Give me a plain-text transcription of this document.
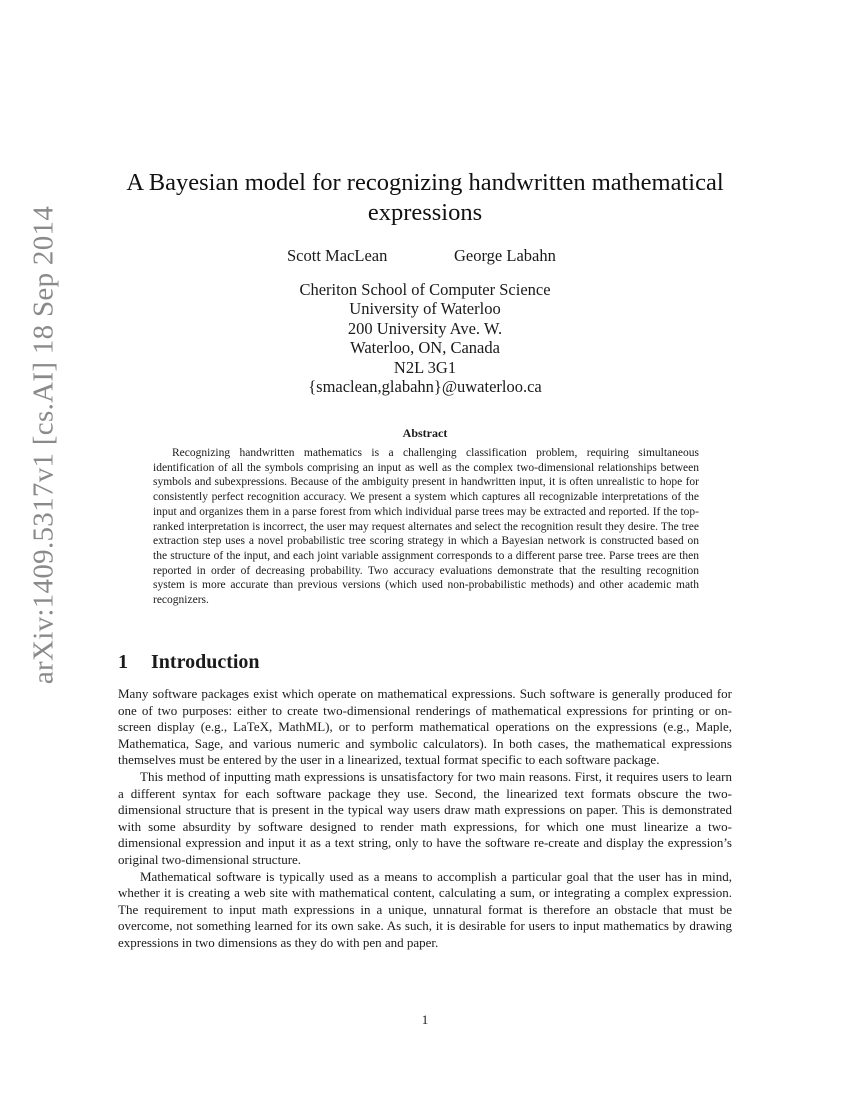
arXiv:1409.5317v1 [cs.AI] 18 Sep 2014
A Bayesian model for recognizing handwritten mathematical expressions
Scott MacLean	George Labahn
Cheriton School of Computer Science
University of Waterloo
200 University Ave. W.
Waterloo, ON, Canada
N2L 3G1
{smaclean,glabahn}@uwaterloo.ca
Abstract

Recognizing handwritten mathematics is a challenging classification problem, requiring simultaneous identification of all the symbols comprising an input as well as the complex two-dimensional relationships between symbols and subexpressions. Because of the ambiguity present in handwritten input, it is often unrealistic to hope for consistently perfect recognition accuracy. We present a system which captures all recognizable interpretations of the input and organizes them in a parse forest from which individual parse trees may be extracted and reported. If the top-ranked interpretation is incorrect, the user may request alternates and select the recognition result they desire. The tree extraction step uses a novel probabilistic tree scoring strategy in which a Bayesian network is constructed based on the structure of the input, and each joint variable assignment corresponds to a different parse tree. Parse trees are then reported in order of decreasing probability. Two accuracy evaluations demonstrate that the resulting recognition system is more accurate than previous versions (which used non-probabilistic methods) and other academic math recognizers.

1 Introduction

Many software packages exist which operate on mathematical expressions. Such software is generally produced for one of two purposes: either to create two-dimensional renderings of mathematical expressions for printing or on-screen display (e.g., LaTeX, MathML), or to perform mathematical operations on the expressions (e.g., Maple, Mathematica, Sage, and various numeric and symbolic calculators). In both cases, the mathematical expressions themselves must be entered by the user in a linearized, textual format specific to each software package.

This method of inputting math expressions is unsatisfactory for two main reasons. First, it requires users to learn a different syntax for each software package they use. Second, the linearized text formats obscure the two-dimensional structure that is present in the typical way users draw math expressions on paper. This is demonstrated with some absurdity by software designed to render math expressions, for which one must linearize a two-dimensional expression and input it as a text string, only to have the software re-create and display the expression’s original two-dimensional structure.

Mathematical software is typically used as a means to accomplish a particular goal that the user has in mind, whether it is creating a web site with mathematical content, calculating a sum, or integrating a complex expression. The requirement to input math expressions in a unique, unnatural format is therefore an obstacle that must be overcome, not something learned for its own sake. As such, it is desirable for users to input mathematics by drawing expressions in two dimensions as they do with pen and paper.

1
